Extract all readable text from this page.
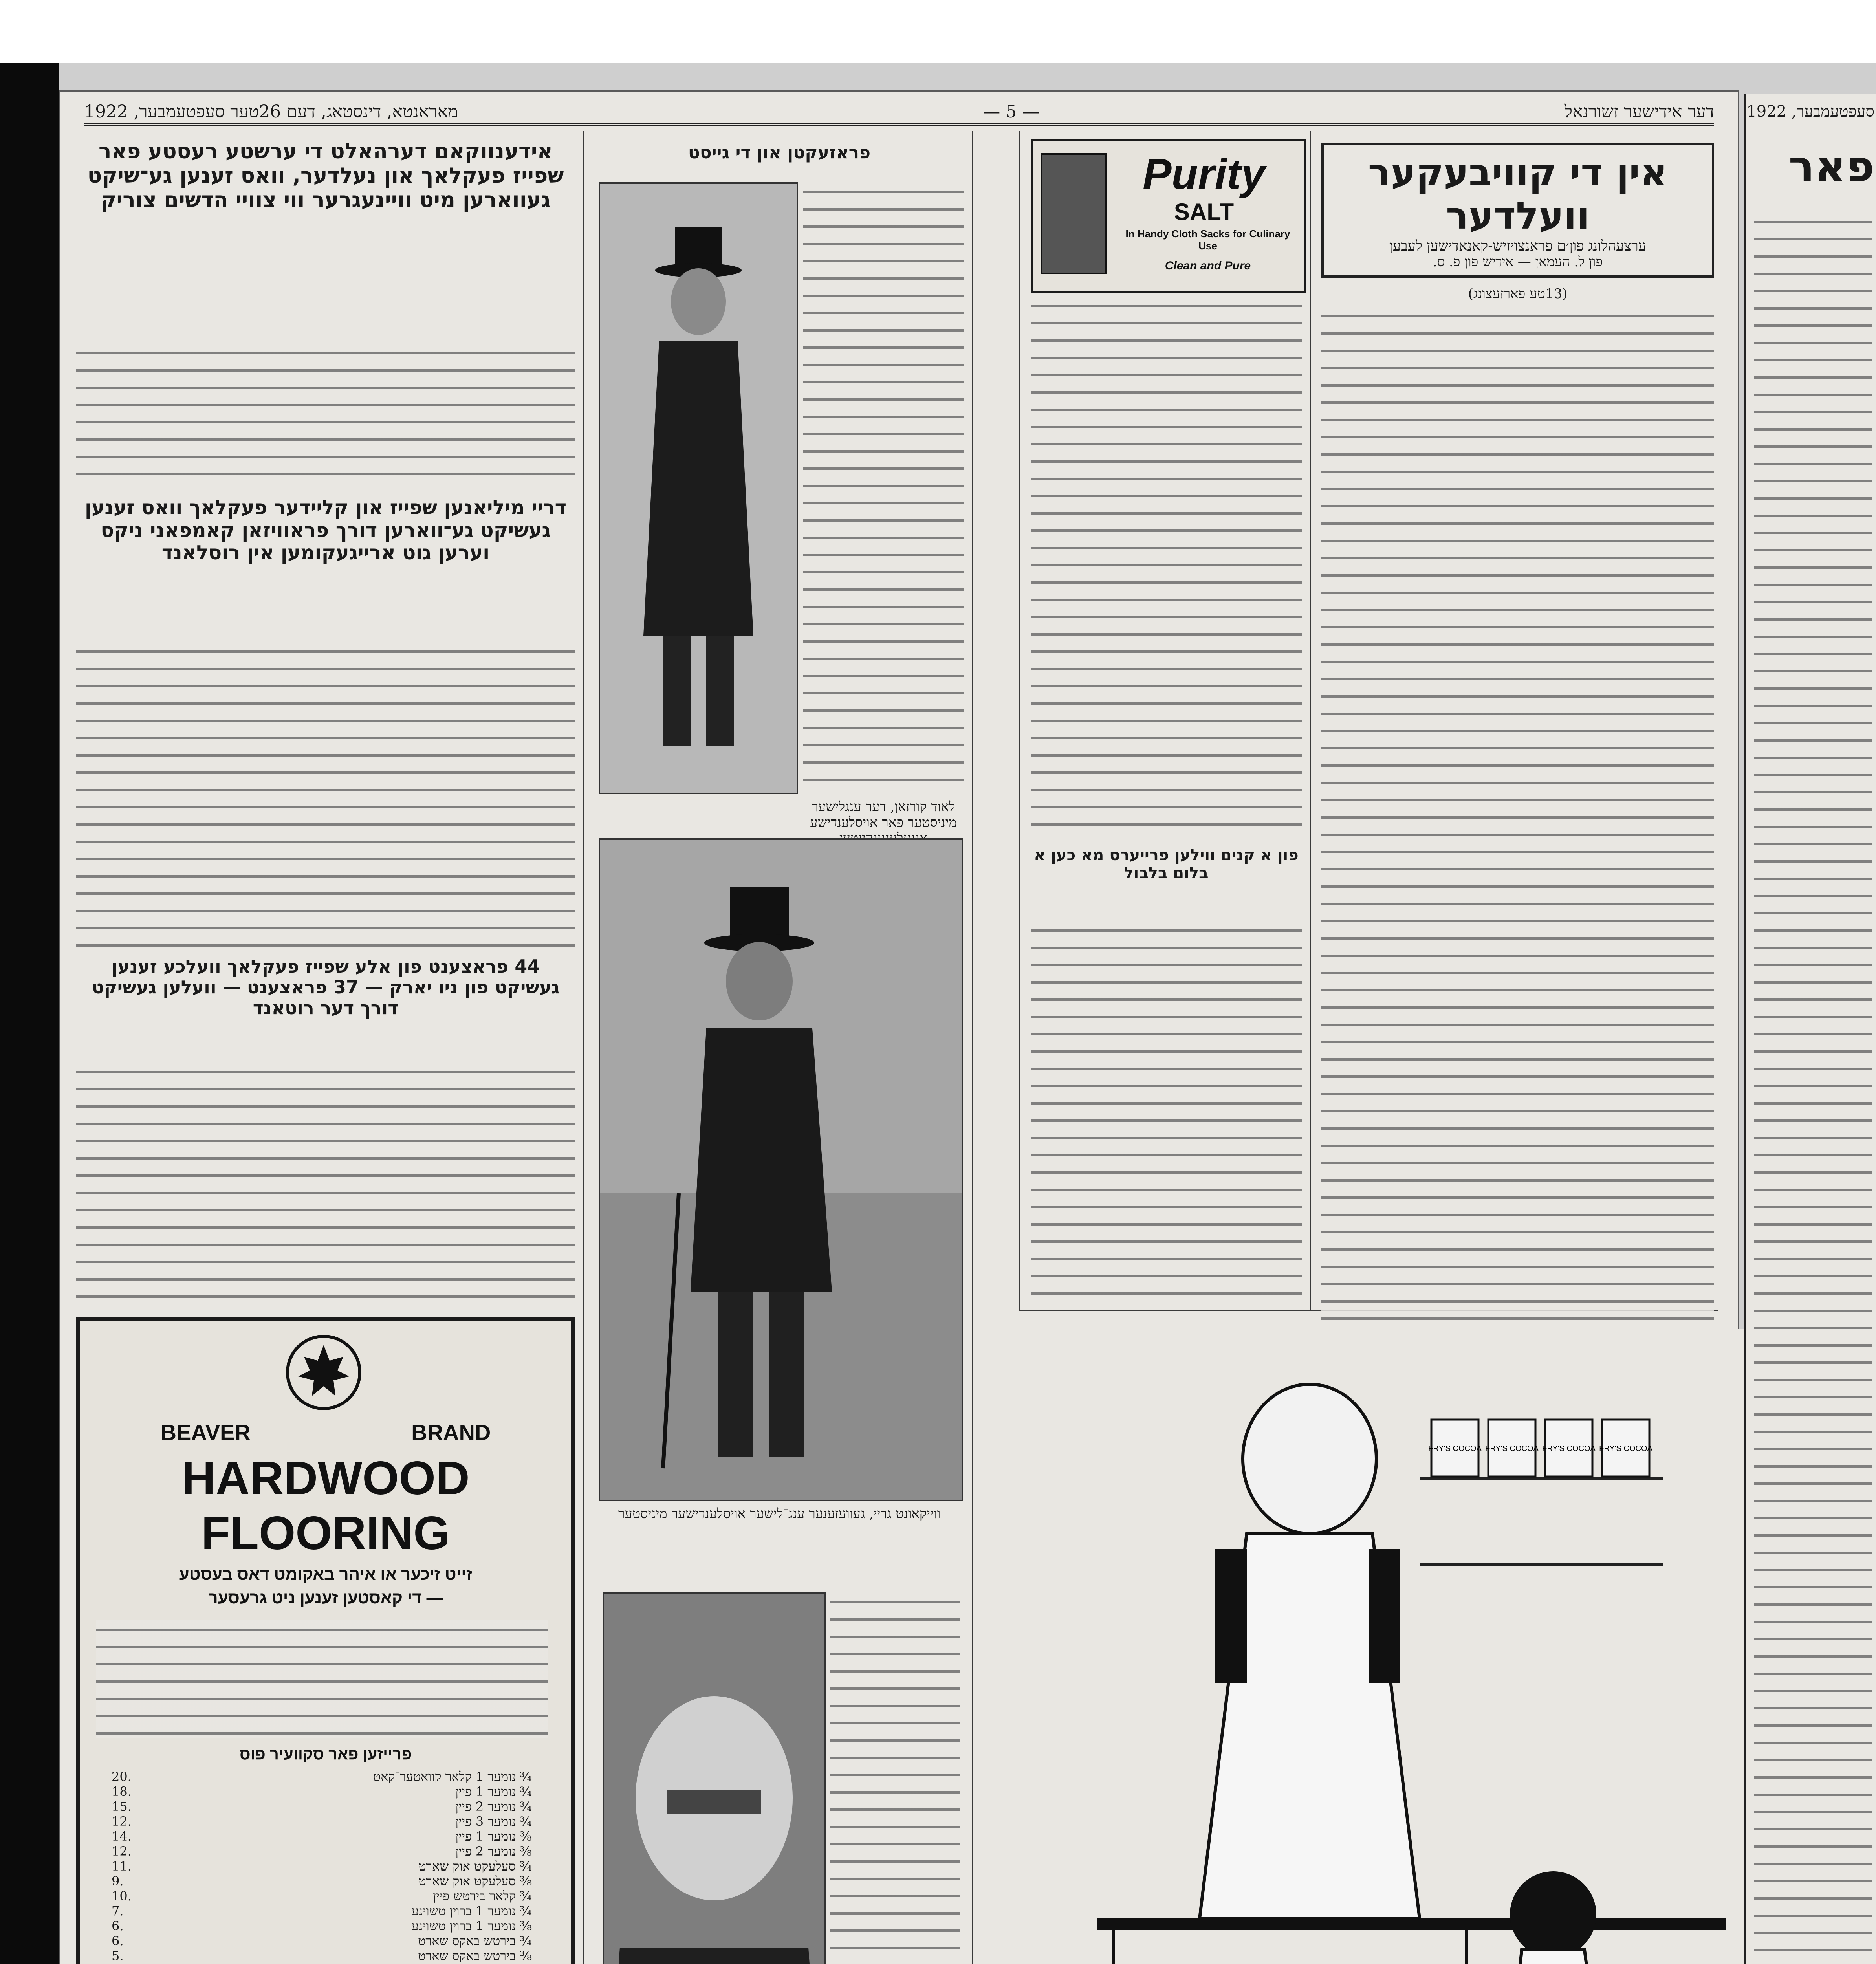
דער אידישער זשורנאל
— 5 —
מאראנטא, דינסטאג, דעם 26טער סעפטעמבער, 1922
אין די קוויבעקער וועלדער
ערצעהלונג פון׳ם פראנצויזיש-קאנאדישען לעבען
פון ל. העמאן — אידיש פון פ. ס.
(13טע פארזעצונג)
Purity
SALT
In Handy Cloth Sacks for Culinary Use
Clean and Pure
פון א קנים ווילען פרייערס מא כען א בלום בלבול
פראזעקטן און די גייסט
לאוד קורזאן, דער ענגלישער מיניסטער פאר אויסלענדישע
ווייקאונט גריי, געוועזענער ענג־לישער אויסלענדישער מיניסטער
אידענווקאם דערהאלט די ערשטע רעסטע פאר שפייז פעקלאך און נעלדער, וואס זענען גע־שיקט געווארען מיט וויינעגרער ווי צוויי הדשים צוריק
דריי מיליאנען שפייז און קליידער פעקלאך וואס זענען געשיקט גע־ווארען דורך פראוויזאן קאמפאני ניקס וערען גוט ארייגעקומען אין רוסלאנד
44 פראצענט פון אלע שפייז פעקלאך וועלכע זענען געשיקט פון ניו יארק — 37 פראצענט — וועלען געשיקט דורך דער רוטאנד
BEAVER	BRAND
HARDWOOD
FLOORING
זייט זיכער או איהר באקומט דאס בעסטע
— די קאסטען זענען ניט גרעסער
פרייזען פאר סקוועיר פוס
¾ נומער 1 קלאר קוואטער־קאט
.20
¾ נומער 1 פיין
.18
¾ נומער 2 פיין
.15
¾ נומער 3 פיין
.12
⅜ נומער 1 פיין
.14
⅜ נומער 2 פיין
.12
¾ סעלעקט אוק שארט
.11
⅜ סעלעקט אוק שארט
.9
¾ קלאר בירטש פיין
.10
¾ נומער 1 ברוין טשוינע
.7
⅜ נומער 1 ברוין טשוינע
.6
¾ בירטש באקס שארט
.6
⅜ בירטש באקס שארט
.5
FRY'S COCOA FRY'S COCOA FRY'S COCOA FRY'S COCOA
סעפטעמבער, 1922
פאר
